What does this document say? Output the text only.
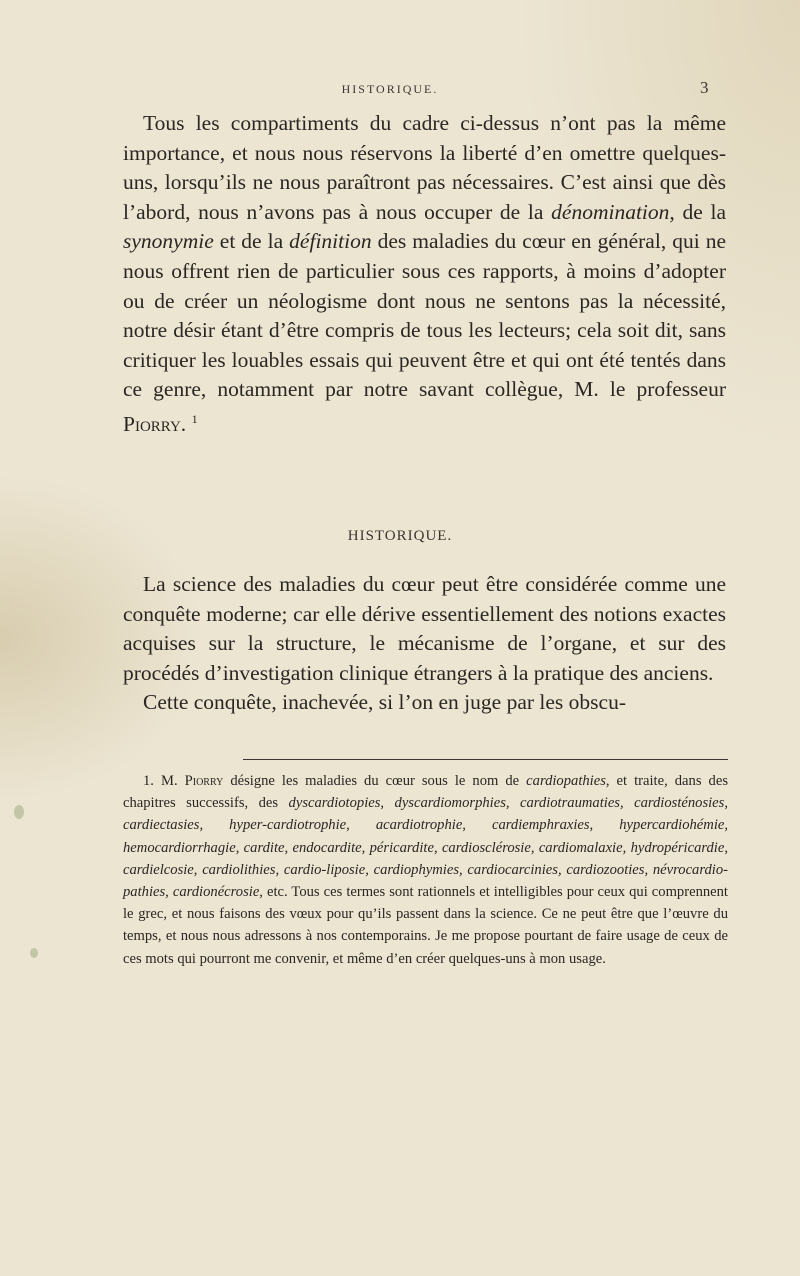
HISTORIQUE.	3

Tous les compartiments du cadre ci-dessus n’ont pas la même importance, et nous nous réservons la liberté d’en omettre quelques-uns, lorsqu’ils ne nous paraîtront pas nécessaires. C’est ainsi que dès l’abord, nous n’avons pas à nous occuper de la dénomination, de la synonymie et de la définition des maladies du cœur en général, qui ne nous offrent rien de particulier sous ces rapports, à moins d’adopter ou de créer un néologisme dont nous ne sentons pas la nécessité, notre désir étant d’être compris de tous les lecteurs; cela soit dit, sans critiquer les louables essais qui peuvent être et qui ont été tentés dans ce genre, notamment par notre savant collègue, M. le professeur Piorry. $^1$

HISTORIQUE.

La science des maladies du cœur peut être considérée comme une conquête moderne; car elle dérive essentiellement des notions exactes acquises sur la structure, le mécanisme de l’organe, et sur des procédés d’investigation clinique étrangers à la pratique des anciens.

Cette conquête, inachevée, si l’on en juge par les obscu-

1. M. Piorry désigne les maladies du cœur sous le nom de cardiopathies, et traite, dans des chapitres successifs, des dyscardiotopies, dyscardiomorphies, cardiotraumaties, cardiosténosies, cardiectasies, hyper-cardiotrophie, acardiotrophie, cardiemphraxies, hypercardiohémie, hemocardiorrhagie, cardite, endocardite, péricardite, cardiosclérosie, cardiomalaxie, hydropéricardie, cardielcosie, cardiolithies, cardio-liposie, cardiophymies, cardiocarcinies, cardiozooties, névrocardio-pathies, cardionécrosie, etc. Tous ces termes sont rationnels et intelligibles pour ceux qui comprennent le grec, et nous faisons des vœux pour qu’ils passent dans la science. Ce ne peut être que l’œuvre du temps, et nous nous adressons à nos contemporains. Je me propose pourtant de faire usage de ceux de ces mots qui pourront me convenir, et même d’en créer quelques-uns à mon usage.
